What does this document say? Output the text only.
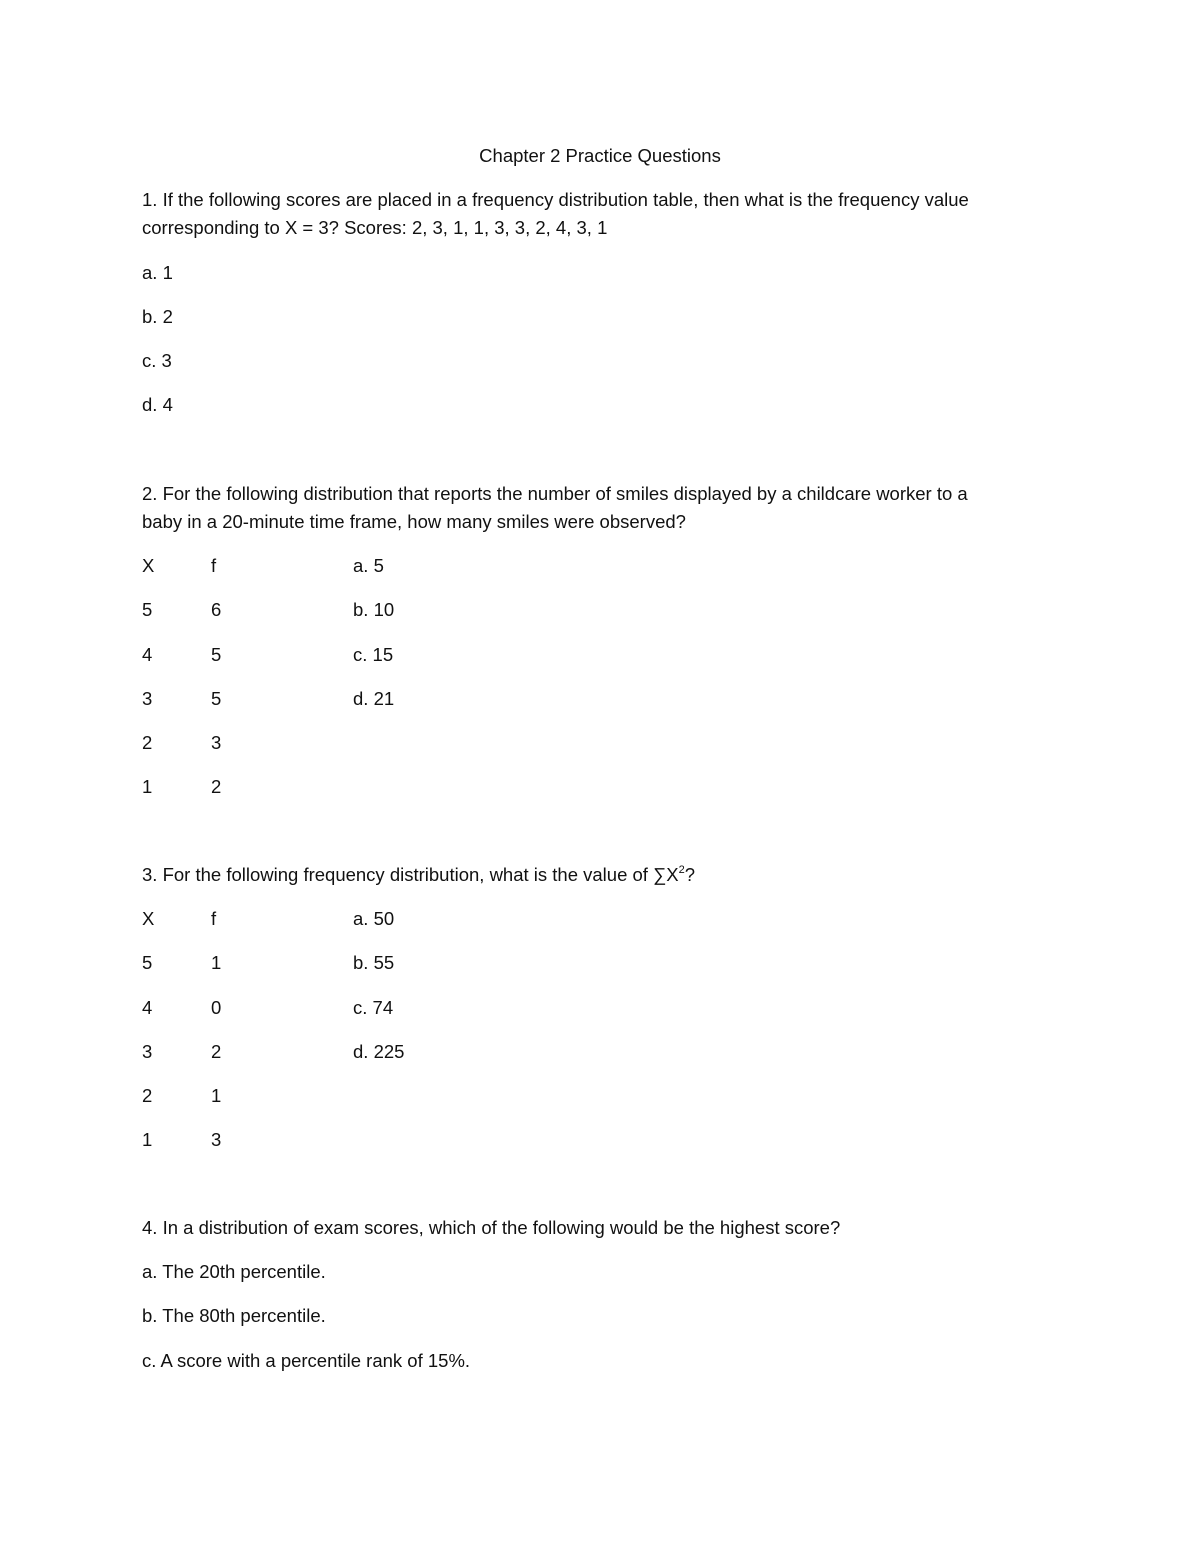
Chapter 2 Practice Questions
1. If the following scores are placed in a frequency distribution table, then what is the frequency value
corresponding to X = 3? Scores: 2, 3, 1, 1, 3, 3, 2, 4, 3, 1
a. 1
b. 2
c. 3
d. 4
2. For the following distribution that reports the number of smiles displayed by a childcare worker to a
baby in a 20-minute time frame, how many smiles were observed?
X	f	a. 5
5	6	b. 10
4	5	c. 15
3	5	d. 21
2	3
1	2
3. For the following frequency distribution, what is the value of $\sum X^2$?
X	f	a. 50
5	1	b. 55
4	0	c. 74
3	2	d. 225
2	1
1	3
4. In a distribution of exam scores, which of the following would be the highest score?
a. The 20th percentile.
b. The 80th percentile.
c. A score with a percentile rank of 15%.
